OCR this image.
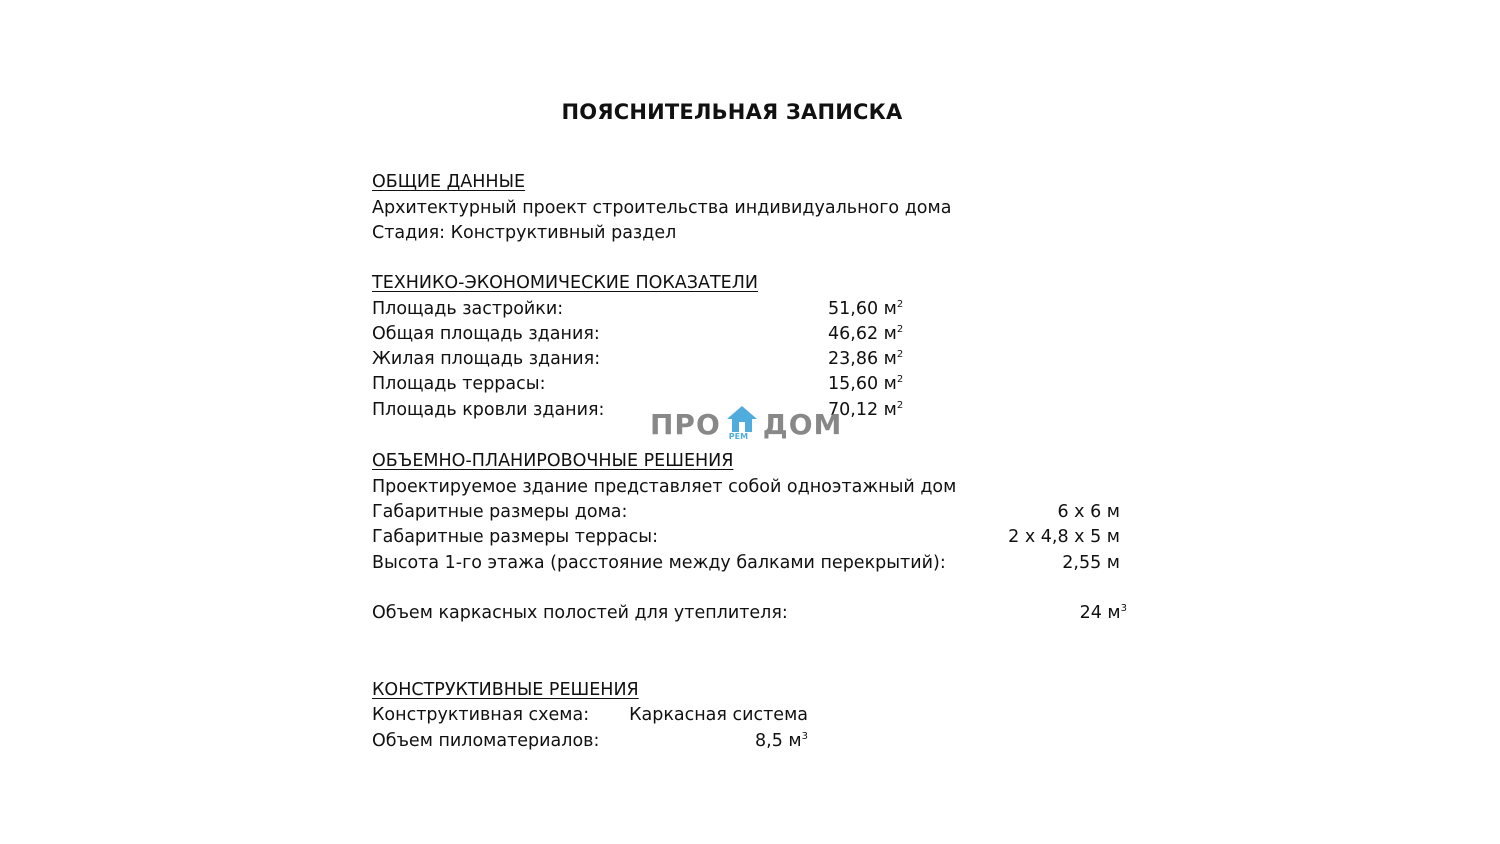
ПОЯСНИТЕЛЬНАЯ ЗАПИСКА
ОБЩИЕ ДАННЫЕ
Архитектурный проект строительства индивидуального дома
Стадия: Конструктивный раздел
ТЕХНИКО-ЭКОНОМИЧЕСКИЕ ПОКАЗАТЕЛИ
Площадь застройки:	51,60 $м^2$
Общая площадь здания:	46,62 $м^2$
Жилая площадь здания:	23,86 $м^2$
Площадь террасы:	15,60 $м^2$
Площадь кровли здания:	70,12 $м^2$
ПРО РЕМ ДОМ
ОБЪЕМНО-ПЛАНИРОВОЧНЫЕ РЕШЕНИЯ
Проектируемое здание представляет собой одноэтажный дом
Габаритные размеры дома:	6 х 6 м
Габаритные размеры террасы:	2 х 4,8 х 5 м
Высота 1-го этажа (расстояние между балками перекрытий):	2,55 м
Объем каркасных полостей для утеплителя:	24 $м^3$
КОНСТРУКТИВНЫЕ РЕШЕНИЯ
Конструктивная схема: Каркасная система
Объем пиломатериалов:	8,5 $м^3$
